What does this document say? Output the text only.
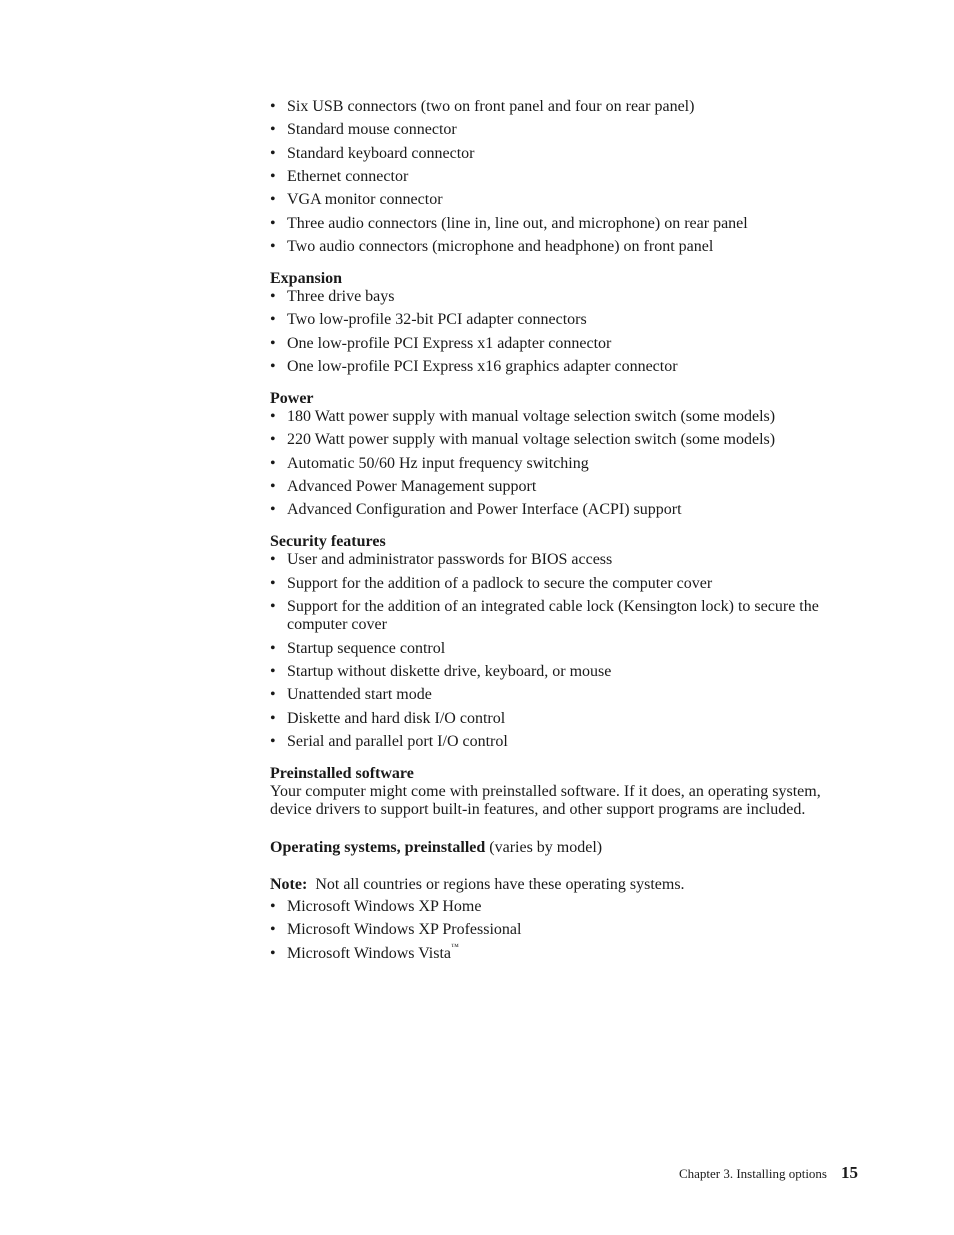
• Six USB connectors (two on front panel and four on rear panel)
• Standard mouse connector
• Standard keyboard connector
• Ethernet connector
• VGA monitor connector
• Three audio connectors (line in, line out, and microphone) on rear panel
• Two audio connectors (microphone and headphone) on front panel
Expansion
• Three drive bays
• Two low-profile 32-bit PCI adapter connectors
• One low-profile PCI Express x1 adapter connector
• One low-profile PCI Express x16 graphics adapter connector
Power
• 180 Watt power supply with manual voltage selection switch (some models)
• 220 Watt power supply with manual voltage selection switch (some models)
• Automatic 50/60 Hz input frequency switching
• Advanced Power Management support
• Advanced Configuration and Power Interface (ACPI) support
Security features
• User and administrator passwords for BIOS access
• Support for the addition of a padlock to secure the computer cover
• Support for the addition of an integrated cable lock (Kensington lock) to secure the computer cover
• Startup sequence control
• Startup without diskette drive, keyboard, or mouse
• Unattended start mode
• Diskette and hard disk I/O control
• Serial and parallel port I/O control
Preinstalled software

Your computer might come with preinstalled software. If it does, an operating system, device drivers to support built-in features, and other support programs are included.

Operating systems, preinstalled (varies by model)
Note:  Not all countries or regions have these operating systems.
• Microsoft Windows XP Home
• Microsoft Windows XP Professional
• Microsoft Windows Vista™
Chapter 3. Installing options 15
